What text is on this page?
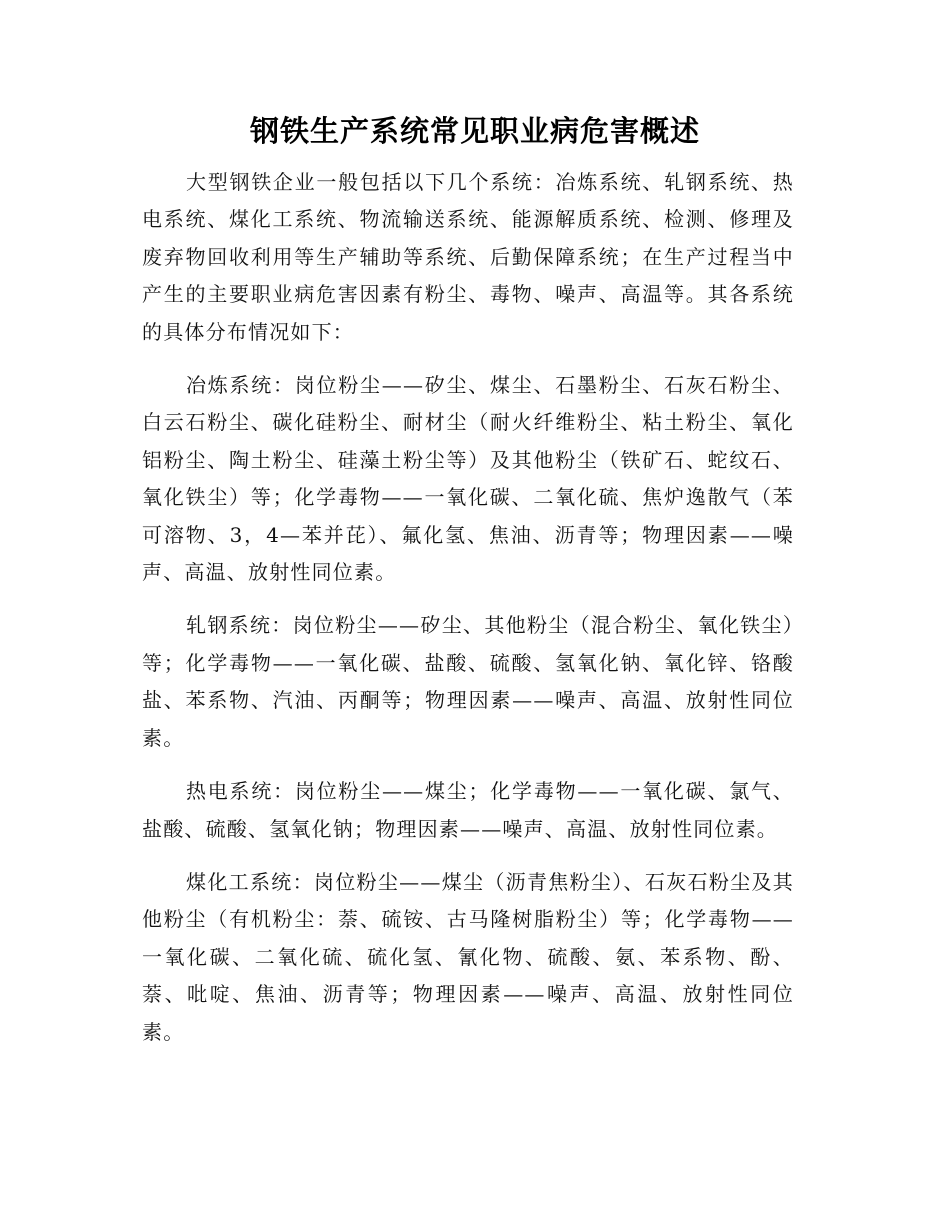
钢铁生产系统常见职业病危害概述

大型钢铁企业一般包括以下几个系统：冶炼系统、轧钢系统、热电系统、煤化工系统、物流输送系统、能源解质系统、检测、修理及废弃物回收利用等生产辅助等系统、后勤保障系统；在生产过程当中产生的主要职业病危害因素有粉尘、毒物、噪声、高温等。其各系统的具体分布情况如下：

冶炼系统：岗位粉尘——矽尘、煤尘、石墨粉尘、石灰石粉尘、白云石粉尘、碳化硅粉尘、耐材尘（耐火纤维粉尘、粘土粉尘、氧化铝粉尘、陶土粉尘、硅藻土粉尘等）及其他粉尘（铁矿石、蛇纹石、氧化铁尘）等；化学毒物——一氧化碳、二氧化硫、焦炉逸散气（苯可溶物、3，4—苯并芘）、氟化氢、焦油、沥青等；物理因素——噪声、高温、放射性同位素。

轧钢系统：岗位粉尘——矽尘、其他粉尘（混合粉尘、氧化铁尘）等；化学毒物——一氧化碳、盐酸、硫酸、氢氧化钠、氧化锌、铬酸盐、苯系物、汽油、丙酮等；物理因素——噪声、高温、放射性同位素。

热电系统：岗位粉尘——煤尘；化学毒物——一氧化碳、氯气、盐酸、硫酸、氢氧化钠；物理因素——噪声、高温、放射性同位素。

煤化工系统：岗位粉尘——煤尘（沥青焦粉尘）、石灰石粉尘及其他粉尘（有机粉尘：萘、硫铵、古马隆树脂粉尘）等；化学毒物——一氧化碳、二氧化硫、硫化氢、氰化物、硫酸、氨、苯系物、酚、萘、吡啶、焦油、沥青等；物理因素——噪声、高温、放射性同位素。
